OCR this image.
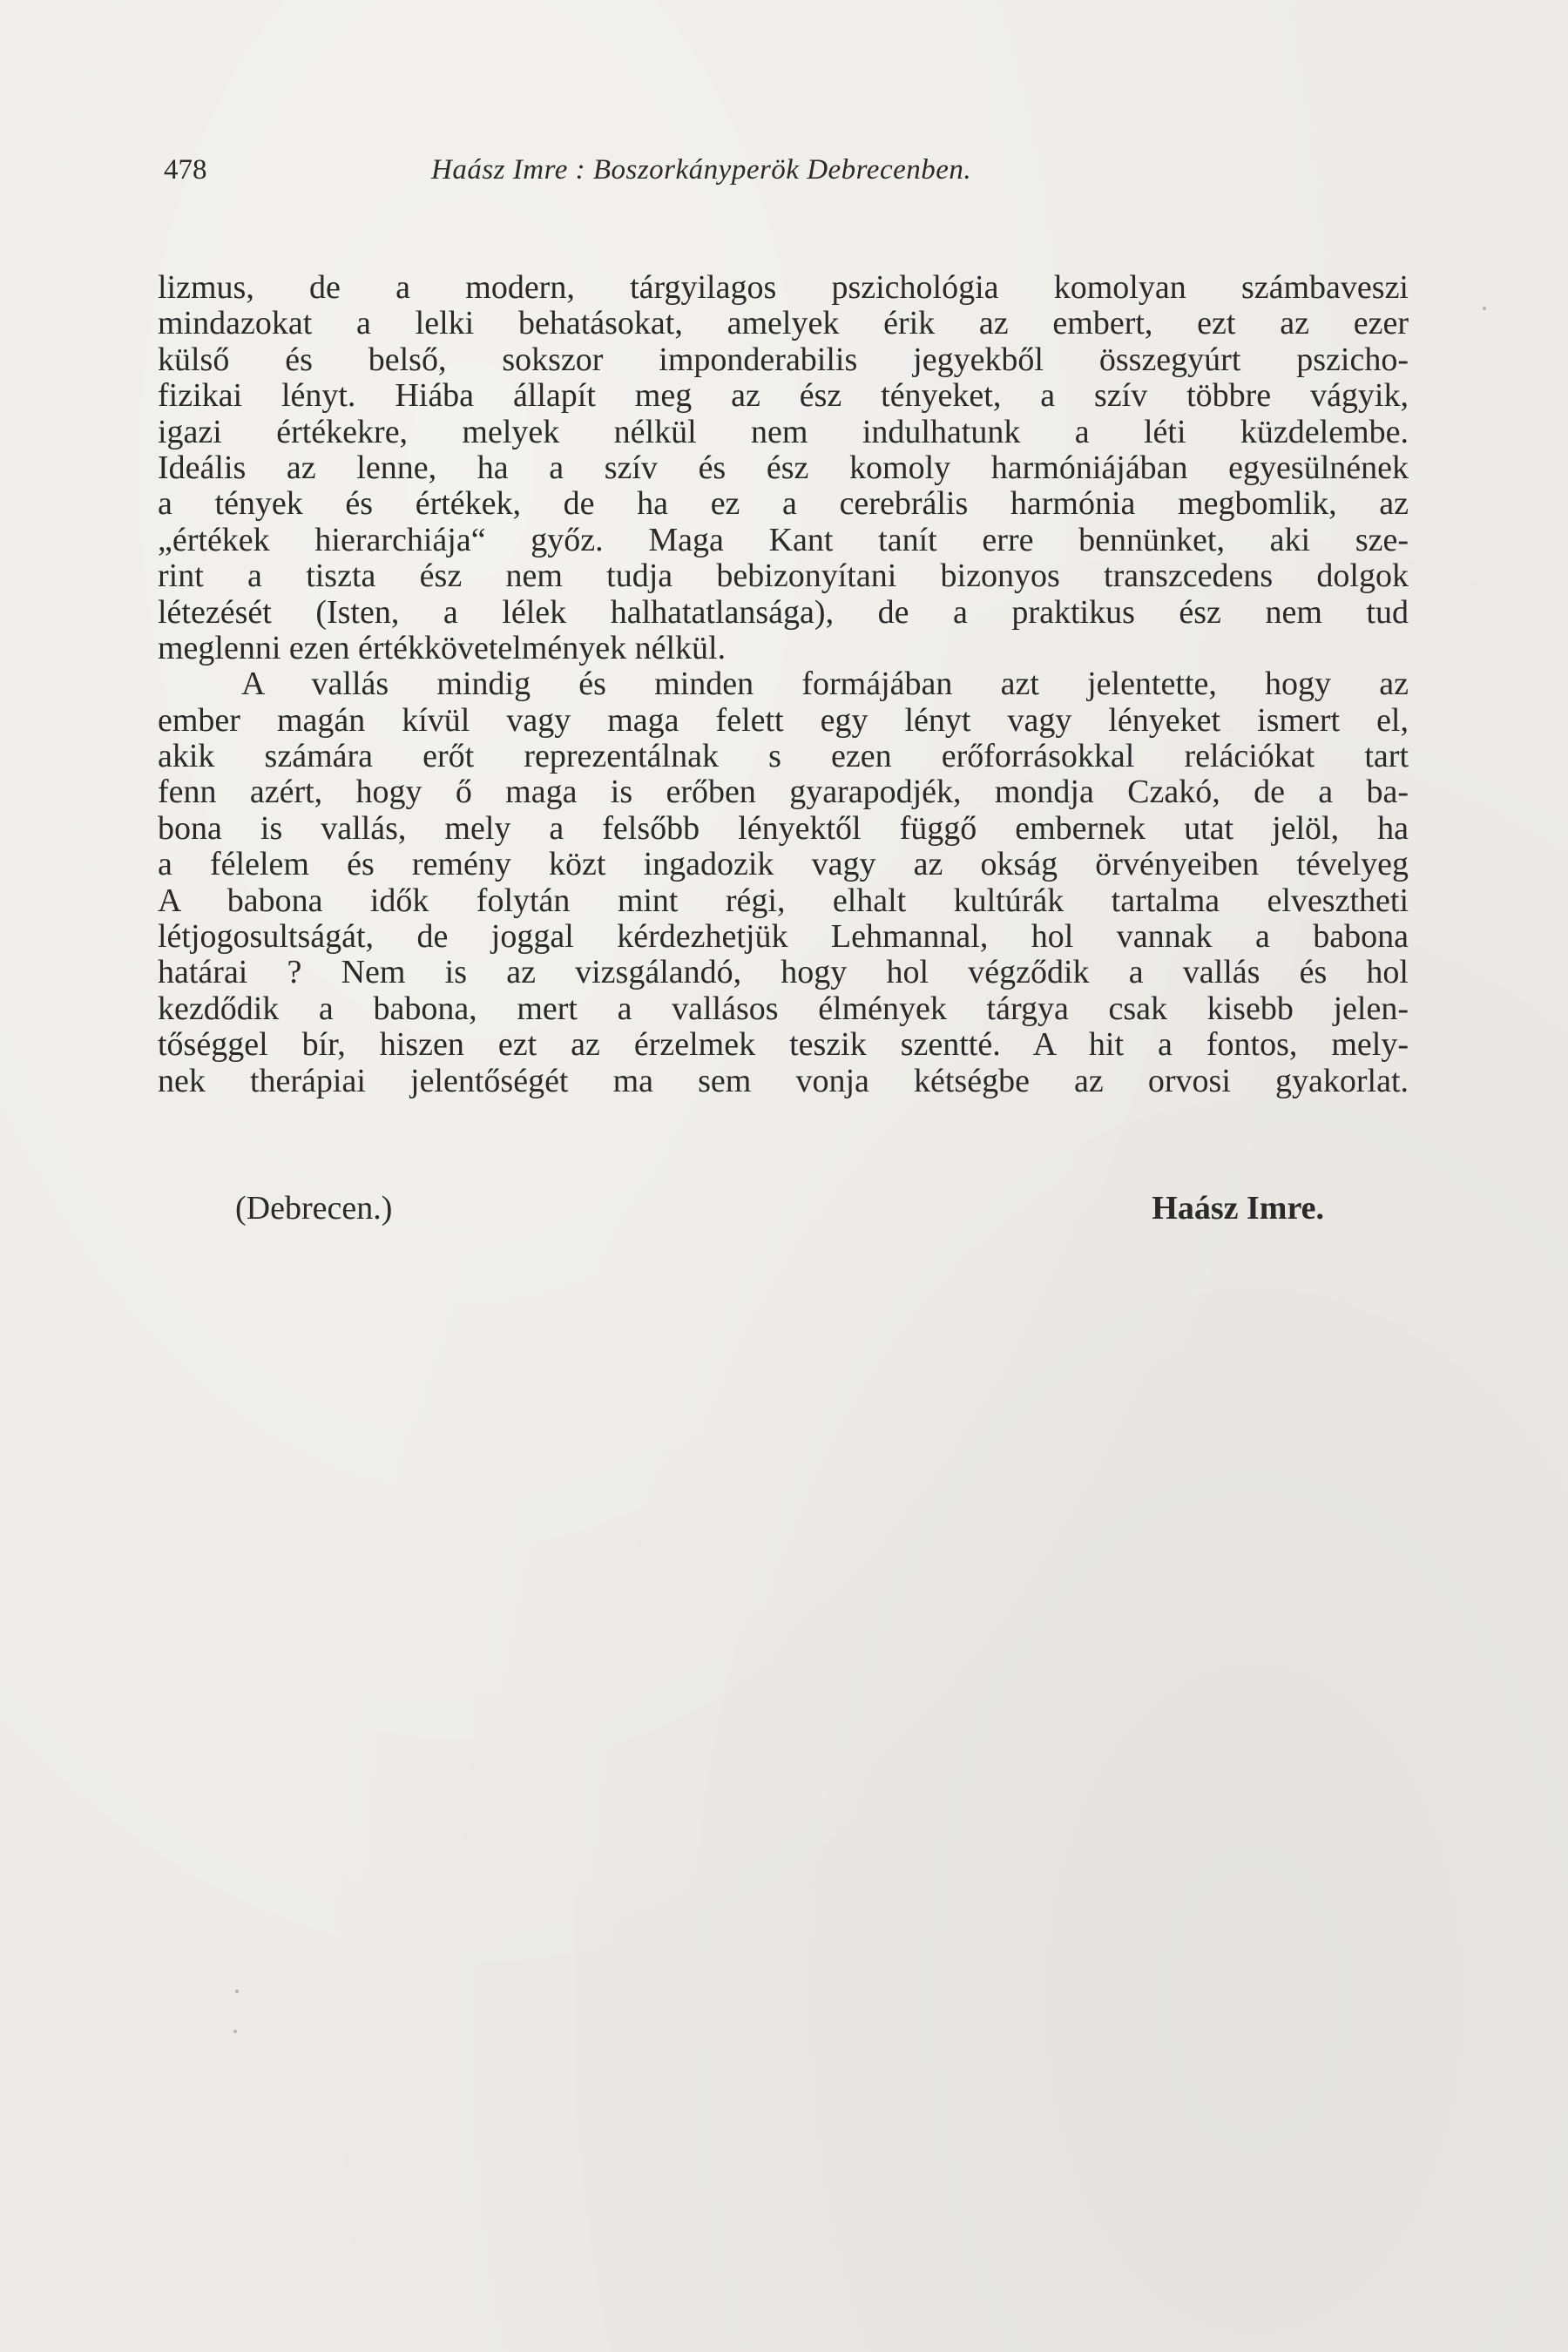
478	Haász Imre : Boszorkányperök Debrecenben.
lizmus, de a modern, tárgyilagos pszichológia komolyan számbaveszi
mindazokat a lelki behatásokat, amelyek érik az embert, ezt az ezer
külső és belső, sokszor imponderabilis jegyekből összegyúrt pszicho-
fizikai lényt. Hiába állapít meg az ész tényeket, a szív többre vágyik,
igazi értékekre, melyek nélkül nem indulhatunk a léti küzdelembe.
Ideális az lenne, ha a szív és ész komoly harmóniájában egyesülnének
a tények és értékek, de ha ez a cerebrális harmónia megbomlik, az
„értékek hierarchiája“ győz. Maga Kant tanít erre bennünket, aki sze-
rint a tiszta ész nem tudja bebizonyítani bizonyos transzcedens dolgok
létezését (Isten, a lélek halhatatlansága), de a praktikus ész nem tud
meglenni ezen értékkövetelmények nélkül.
A vallás mindig és minden formájában azt jelentette, hogy az
ember magán kívül vagy maga felett egy lényt vagy lényeket ismert el,
akik számára erőt reprezentálnak s ezen erőforrásokkal relációkat tart
fenn azért, hogy ő maga is erőben gyarapodjék, mondja Czakó, de a ba-
bona is vallás, mely a felsőbb lényektől függő embernek utat jelöl, ha
a félelem és remény közt ingadozik vagy az okság örvényeiben tévelyeg
A babona idők folytán mint régi, elhalt kultúrák tartalma elvesztheti
létjogosultságát, de joggal kérdezhetjük Lehmannal, hol vannak a babona
határai ? Nem is az vizsgálandó, hogy hol végződik a vallás és hol
kezdődik a babona, mert a vallásos élmények tárgya csak kisebb jelen-
tőséggel bír, hiszen ezt az érzelmek teszik szentté. A hit a fontos, mely-
nek therápiai jelentőségét ma sem vonja kétségbe az orvosi gyakorlat.
(Debrecen.)	Haász Imre.
